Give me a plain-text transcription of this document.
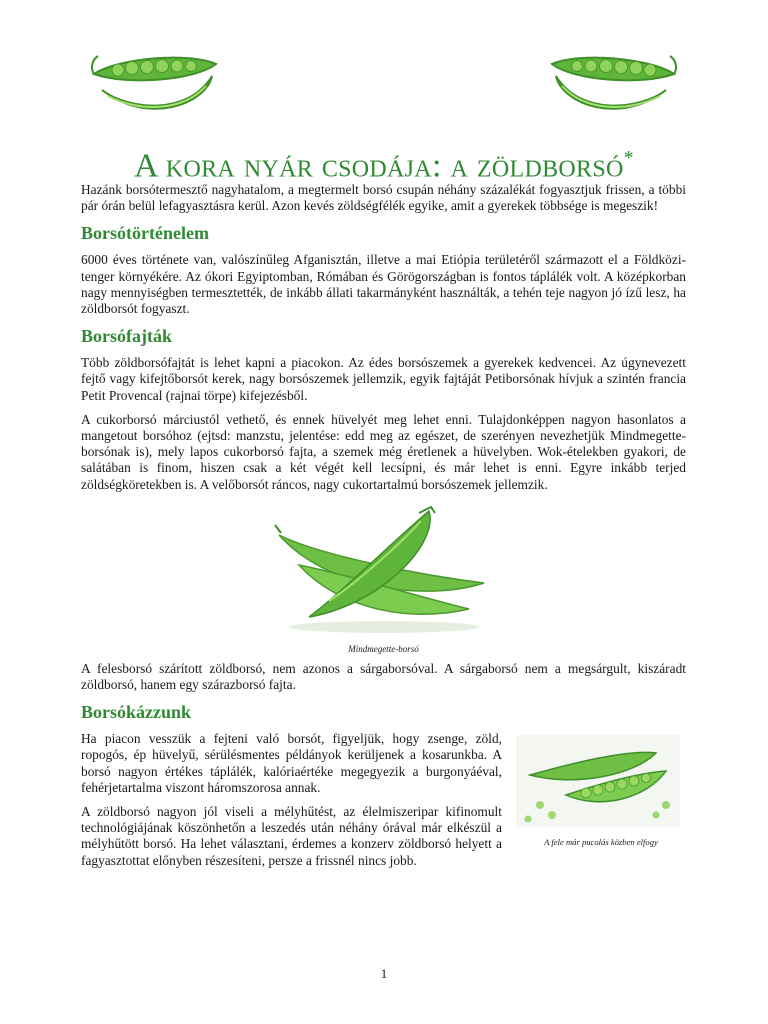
A kora nyár csodája: a zöldborsó*

Hazánk borsótermesztő nagyhatalom, a megtermelt borsó csupán néhány százalékát fogyasztjuk frissen, a többi pár órán belül lefagyasztásra kerül. Azon kevés zöldségfélék egyike, amit a gyerekek többsége is megeszik!

Borsótörténelem

6000 éves története van, valószínűleg Afganisztán, illetve a mai Etiópia területéről származott el a Földközi-tenger környékére. Az ókori Egyiptomban, Rómában és Görögországban is fontos táplálék volt. A középkorban nagy mennyiségben termesztették, de inkább állati takarmányként használták, a tehén teje nagyon jó ízű lesz, ha zöldborsót fogyaszt.

Borsófajták

Több zöldborsófajtát is lehet kapni a piacokon. Az édes borsószemek a gyerekek kedvencei. Az úgynevezett fejtő vagy kifejtőborsót kerek, nagy borsószemek jellemzik, egyik fajtáját Petiborsónak hívjuk a szintén francia Petit Provencal (rajnai törpe) kifejezésből.

A cukorborsó márciustól vethető, és ennek hüvelyét meg lehet enni. Tulajdonképpen nagyon hasonlatos a mangetout borsóhoz (ejtsd: manzstu, jelentése: edd meg az egészet, de szerényen nevezhetjük Mindmegette-borsónak is), mely lapos cukorborsó fajta, a szemek még éretlenek a hüvelyben. Wok-ételekben gyakori, de salátában is finom, hiszen csak a két végét kell lecsípni, és már lehet is enni. Egyre inkább terjed zöldségköretekben is. A velőborsót ráncos, nagy cukortartalmú borsószemek jellemzik.

Mindmegette-borsó

A felesborsó szárított zöldborsó, nem azonos a sárgaborsóval. A sárgaborsó nem a megsárgult, kiszáradt zöldborsó, hanem egy szárazborsó fajta.

Borsókázzunk
A fele már pucolás közben elfogy

Ha piacon vesszük a fejteni való borsót, figyeljük, hogy zsenge, zöld, ropogós, ép hüvelyű, sérülésmentes példányok kerüljenek a kosarunkba. A borsó nagyon értékes táplálék, kalóriaértéke megegyezik a burgonyáéval, fehérjetartalma viszont háromszorosa annak.

A zöldborsó nagyon jól viseli a mélyhűtést, az élelmiszeripar kifinomult technológiájának köszönhetőn a leszedés után néhány órával már elkészül a mélyhűtött borsó. Ha lehet választani, érdemes a konzerv zöldborsó helyett a fagyasztottat előnyben részesíteni, persze a frissnél nincs jobb.

1
